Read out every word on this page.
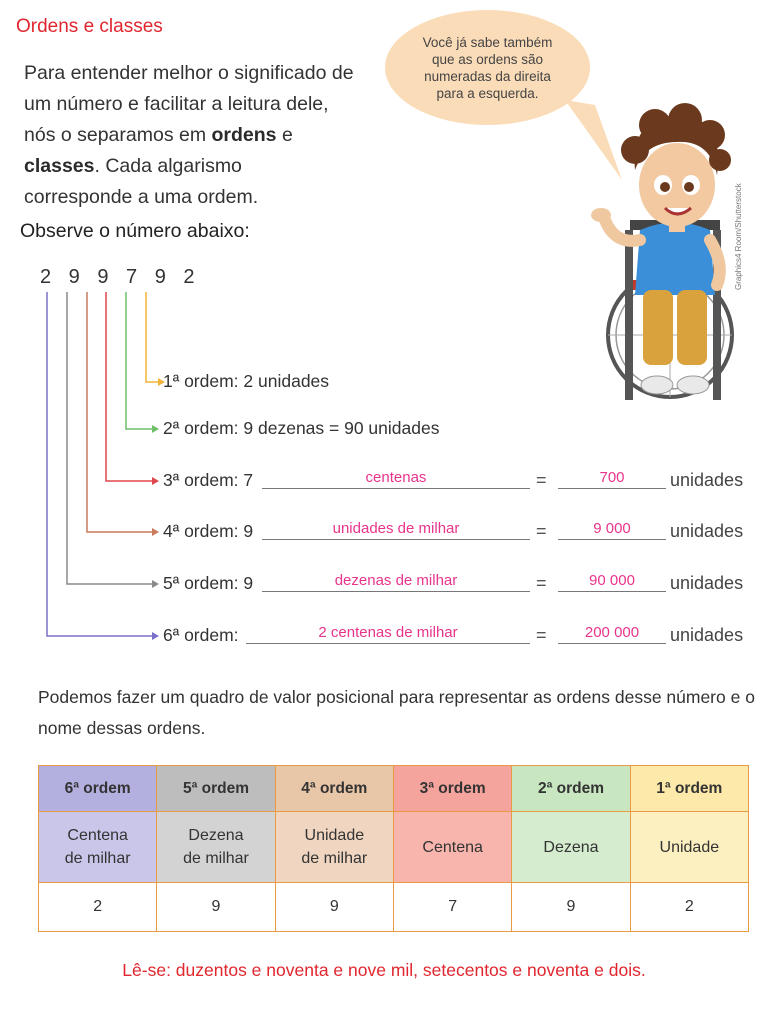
Ordens e classes
Para entender melhor o significado de um número e facilitar a leitura dele, nós o separamos em ordens e classes. Cada algarismo corresponde a uma ordem.
Observe o número abaixo:
Você já sabe também que as ordens são numeradas da direita para a esquerda.
Graphics4 Room/Shutterstock
2 9 9 7 9 2
1ª ordem: 2 unidades
2ª ordem: 9 dezenas = 90 unidades
3ª ordem: 7	centenas	=	700	unidades
4ª ordem: 9	unidades de milhar	=	9 000	unidades
5ª ordem: 9	dezenas de milhar	=	90 000	unidades
6ª ordem:	2 centenas de milhar	=	200 000	unidades
Podemos fazer um quadro de valor posicional para representar as ordens desse número e o nome dessas ordens.
6ª ordem	5ª ordem	4ª ordem	3ª ordem	2ª ordem	1ª ordem
Centena
de milhar	Dezena
de milhar	Unidade
de milhar	Centena	Dezena	Unidade
2	9	9	7	9	2
Lê-se: duzentos e noventa e nove mil, setecentos e noventa e dois.
